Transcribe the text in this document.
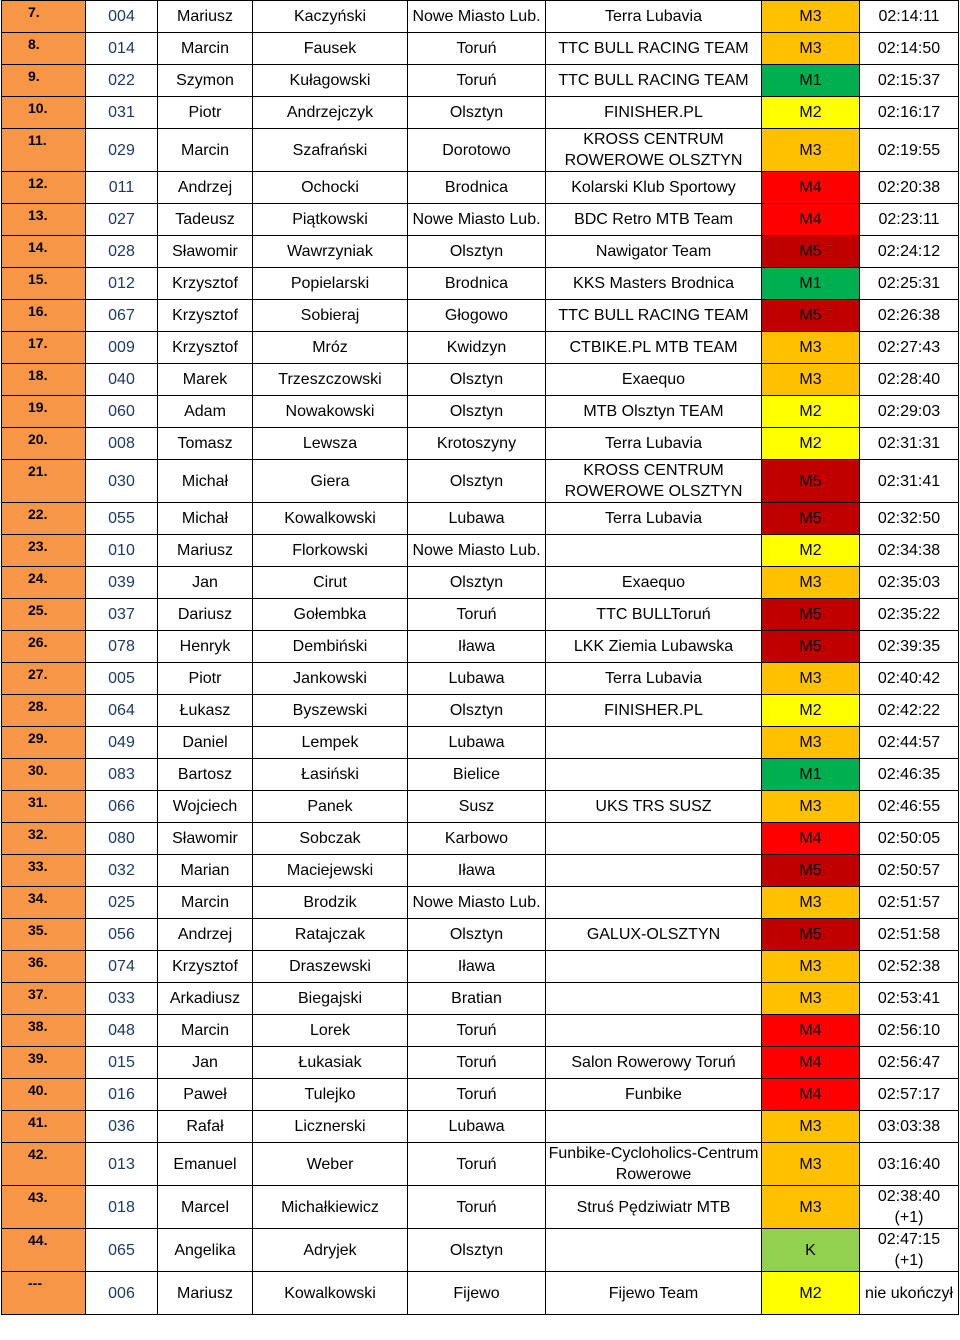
7.	004	Mariusz	Kaczyński	Nowe Miasto Lub.	Terra Lubavia	M3	02:14:11
8.	014	Marcin	Fausek	Toruń	TTC BULL RACING TEAM	M3	02:14:50
9.	022	Szymon	Kułagowski	Toruń	TTC BULL RACING TEAM	M1	02:15:37
10.	031	Piotr	Andrzejczyk	Olsztyn	FINISHER.PL	M2	02:16:17
11.	029	Marcin	Szafrański	Dorotowo	KROSS CENTRUM ROWEROWE OLSZTYN	M3	02:19:55
12.	011	Andrzej	Ochocki	Brodnica	Kolarski Klub Sportowy	M4	02:20:38
13.	027	Tadeusz	Piątkowski	Nowe Miasto Lub.	BDC Retro MTB Team	M4	02:23:11
14.	028	Sławomir	Wawrzyniak	Olsztyn	Nawigator Team	M5	02:24:12
15.	012	Krzysztof	Popielarski	Brodnica	KKS Masters Brodnica	M1	02:25:31
16.	067	Krzysztof	Sobieraj	Głogowo	TTC BULL RACING TEAM	M5	02:26:38
17.	009	Krzysztof	Mróz	Kwidzyn	CTBIKE.PL MTB TEAM	M3	02:27:43
18.	040	Marek	Trzeszczowski	Olsztyn	Exaequo	M3	02:28:40
19.	060	Adam	Nowakowski	Olsztyn	MTB Olsztyn TEAM	M2	02:29:03
20.	008	Tomasz	Lewsza	Krotoszyny	Terra Lubavia	M2	02:31:31
21.	030	Michał	Giera	Olsztyn	KROSS CENTRUM ROWEROWE OLSZTYN	M5	02:31:41
22.	055	Michał	Kowalkowski	Lubawa	Terra Lubavia	M5	02:32:50
23.	010	Mariusz	Florkowski	Nowe Miasto Lub.		M2	02:34:38
24.	039	Jan	Cirut	Olsztyn	Exaequo	M3	02:35:03
25.	037	Dariusz	Gołembka	Toruń	TTC BULLToruń	M5	02:35:22
26.	078	Henryk	Dembiński	Iława	LKK Ziemia Lubawska	M5	02:39:35
27.	005	Piotr	Jankowski	Lubawa	Terra Lubavia	M3	02:40:42
28.	064	Łukasz	Byszewski	Olsztyn	FINISHER.PL	M2	02:42:22
29.	049	Daniel	Lempek	Lubawa		M3	02:44:57
30.	083	Bartosz	Łasiński	Bielice		M1	02:46:35
31.	066	Wojciech	Panek	Susz	UKS TRS SUSZ	M3	02:46:55
32.	080	Sławomir	Sobczak	Karbowo		M4	02:50:05
33.	032	Marian	Maciejewski	Iława		M5	02:50:57
34.	025	Marcin	Brodzik	Nowe Miasto Lub.		M3	02:51:57
35.	056	Andrzej	Ratajczak	Olsztyn	GALUX-OLSZTYN	M5	02:51:58
36.	074	Krzysztof	Draszewski	Iława		M3	02:52:38
37.	033	Arkadiusz	Biegajski	Bratian		M3	02:53:41
38.	048	Marcin	Lorek	Toruń		M4	02:56:10
39.	015	Jan	Łukasiak	Toruń	Salon Rowerowy Toruń	M4	02:56:47
40.	016	Paweł	Tulejko	Toruń	Funbike	M4	02:57:17
41.	036	Rafał	Licznerski	Lubawa		M3	03:03:38
42.	013	Emanuel	Weber	Toruń	Funbike-Cycloholics-Centrum Rowerowe	M3	03:16:40
43.	018	Marcel	Michałkiewicz	Toruń	Struś Pędziwiatr MTB	M3	02:38:40 (+1)
44.	065	Angelika	Adryjek	Olsztyn		K	02:47:15 (+1)
---	006	Mariusz	Kowalkowski	Fijewo	Fijewo Team	M2	nie ukończył
